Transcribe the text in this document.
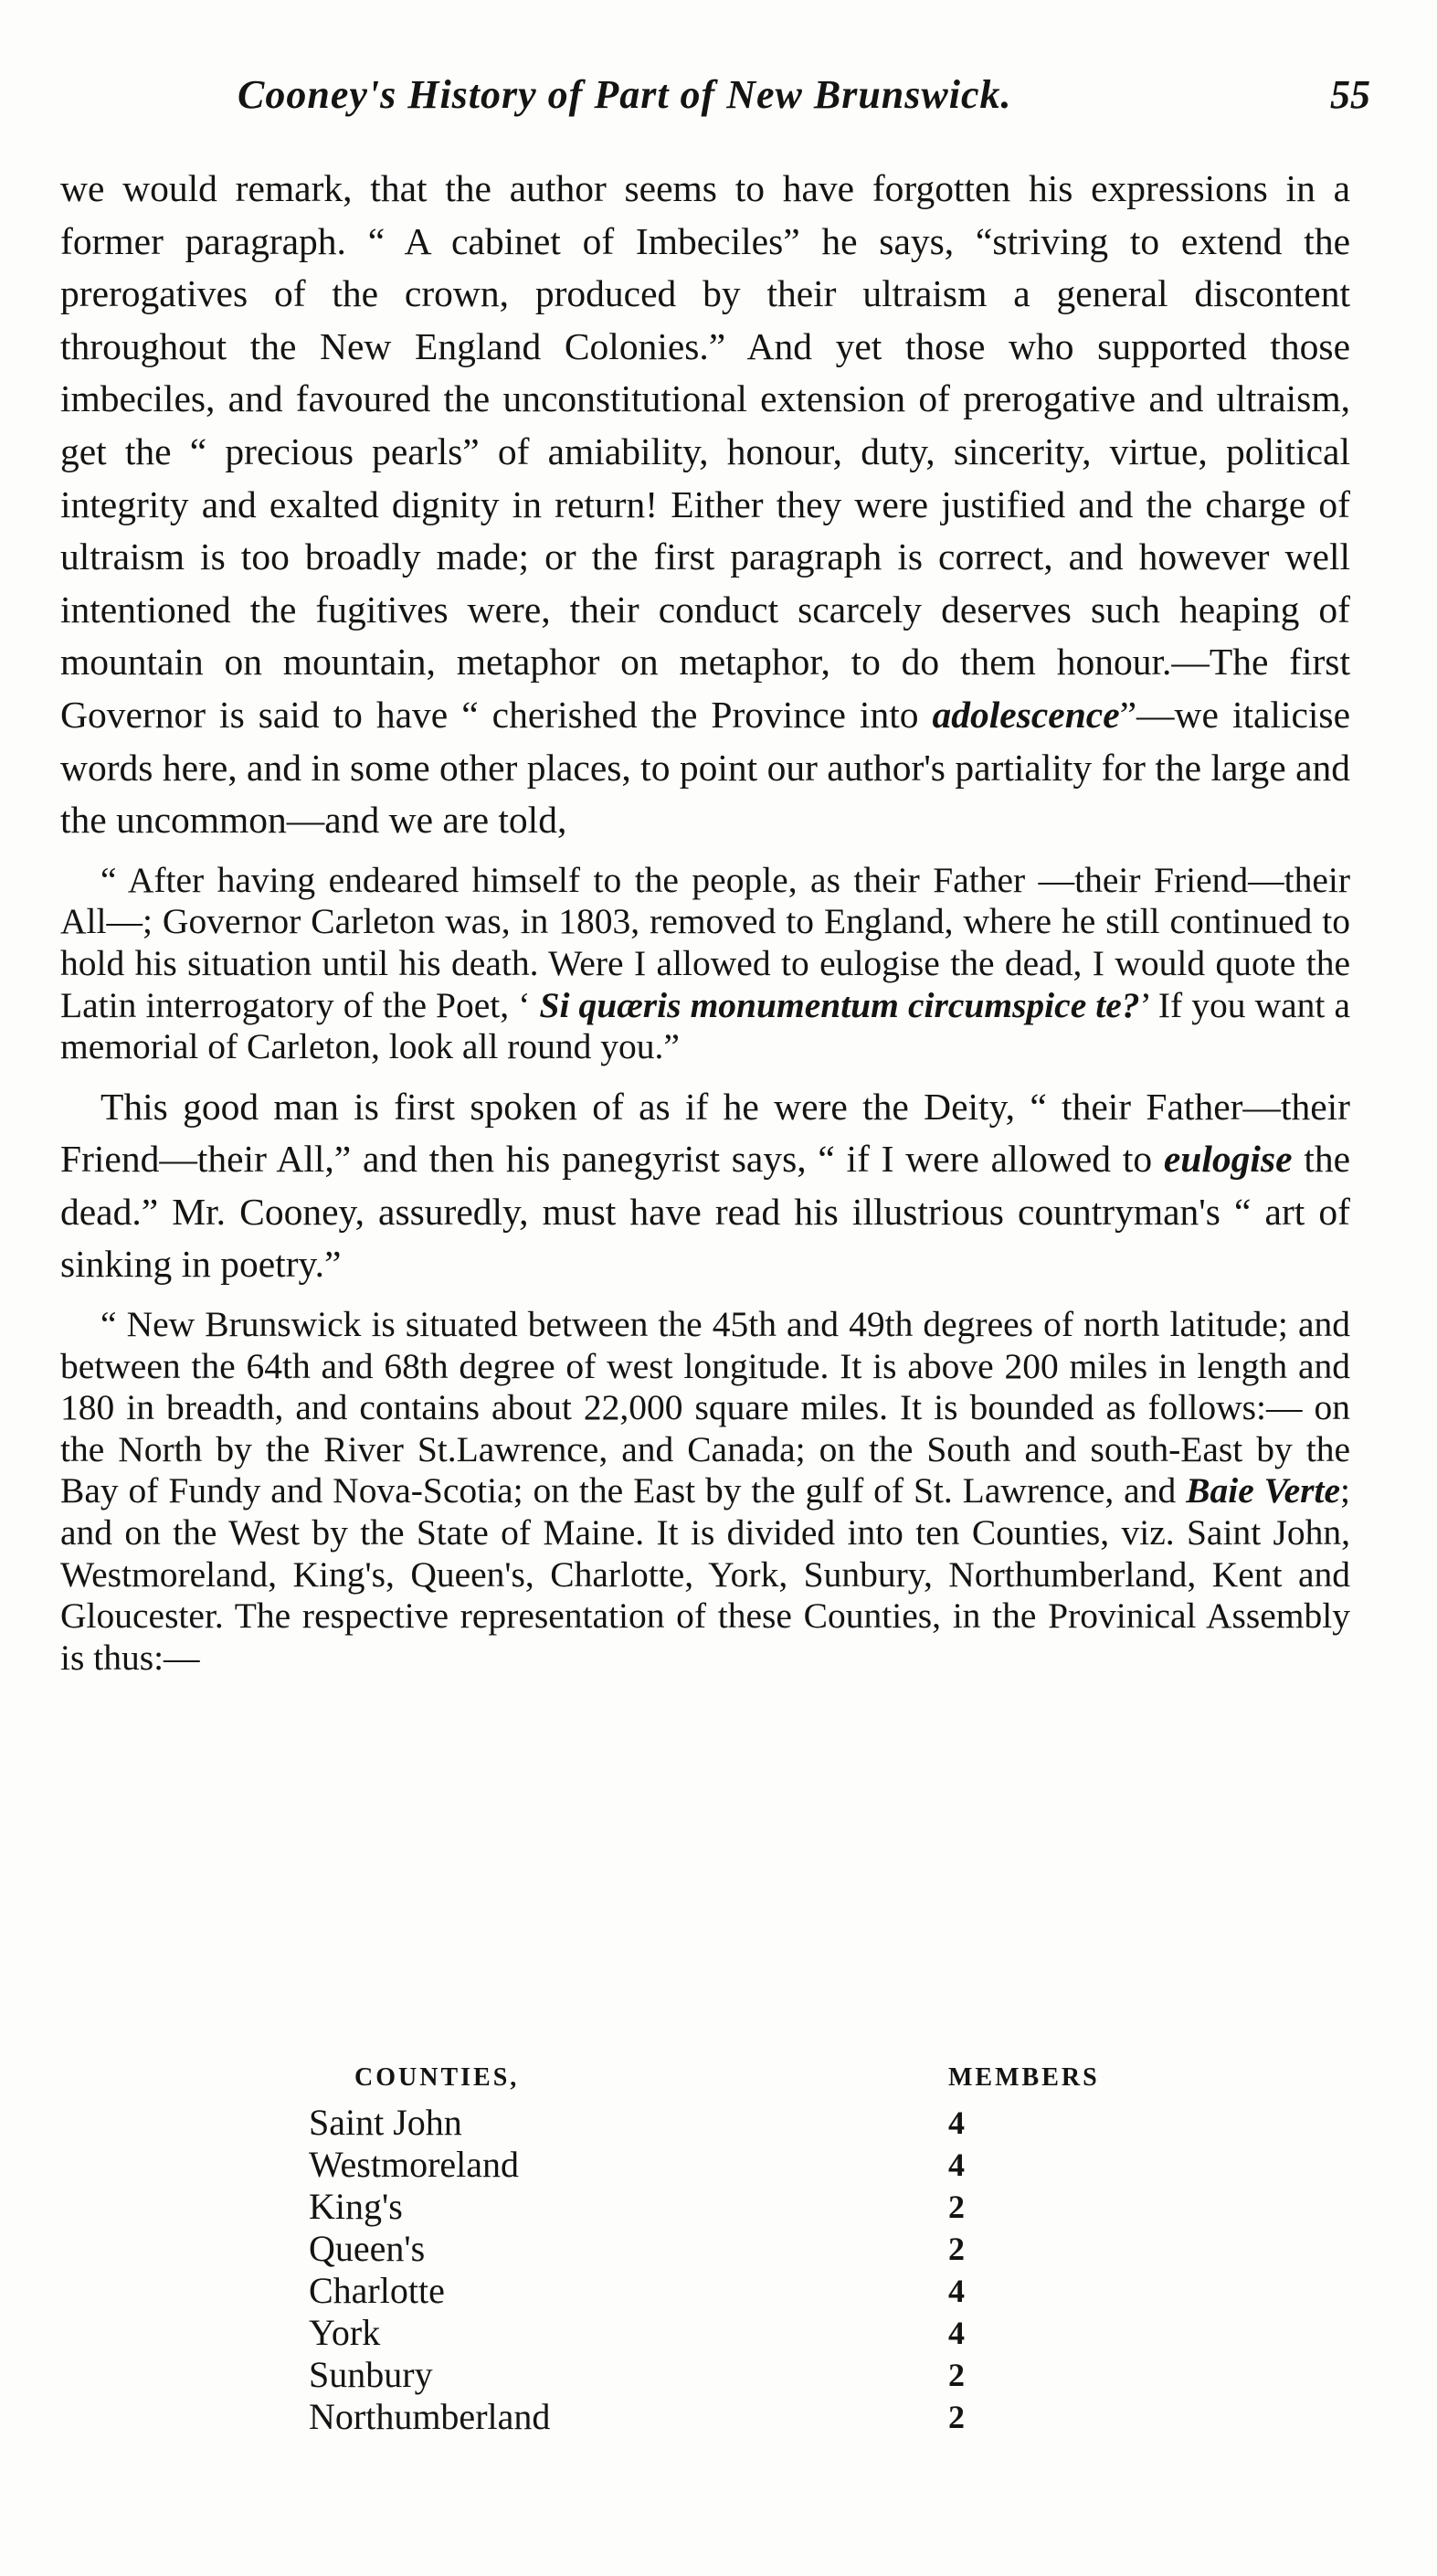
Cooney's History of Part of New Brunswick.	55

we would remark, that the author seems to have forgotten his expressions in a former paragraph. “ A cabinet of Imbeciles” he says, “striving to extend the prerogatives of the crown, produced by their ultraism a general discontent throughout the New England Colonies.” And yet those who supported those imbeciles, and favoured the unconstitutional extension of prerogative and ultraism, get the “ precious pearls” of amiability, honour, duty, sincerity, virtue, political integrity and exalted dignity in return! Either they were justified and the charge of ultraism is too broadly made; or the first paragraph is correct, and however well intentioned the fugitives were, their conduct scarcely deserves such heaping of mountain on mountain, metaphor on metaphor, to do them honour.—The first Governor is said to have “ cherished the Province into adolescence”—we italicise words here, and in some other places, to point our author's partiality for the large and the uncommon—and we are told,

“ After having endeared himself to the people, as their Father —their Friend—their All—; Governor Carleton was, in 1803, removed to England, where he still continued to hold his situation until his death. Were I allowed to eulogise the dead, I would quote the Latin interrogatory of the Poet, ‘ Si quæris monumentum circumspice te?’ If you want a memorial of Carleton, look all round you.”

This good man is first spoken of as if he were the Deity, “ their Father—their Friend—their All,” and then his panegyrist says, “ if I were allowed to eulogise the dead.” Mr. Cooney, assuredly, must have read his illustrious countryman's “ art of sinking in poetry.”

“ New Brunswick is situated between the 45th and 49th degrees of north latitude; and between the 64th and 68th degree of west longitude. It is above 200 miles in length and 180 in breadth, and contains about 22,000 square miles. It is bounded as follows:— on the North by the River St.Lawrence, and Canada; on the South and south-East by the Bay of Fundy and Nova-Scotia; on the East by the gulf of St. Lawrence, and Baie Verte; and on the West by the State of Maine. It is divided into ten Counties, viz. Saint John, Westmoreland, King's, Queen's, Charlotte, York, Sunbury, Northumberland, Kent and Gloucester. The respective representation of these Counties, in the Provinical Assembly is thus:—

COUNTIES,	MEMBERS
Saint John	4
Westmoreland	4
King's	2
Queen's	2
Charlotte	4
York	4
Sunbury	2
Northumberland	2
